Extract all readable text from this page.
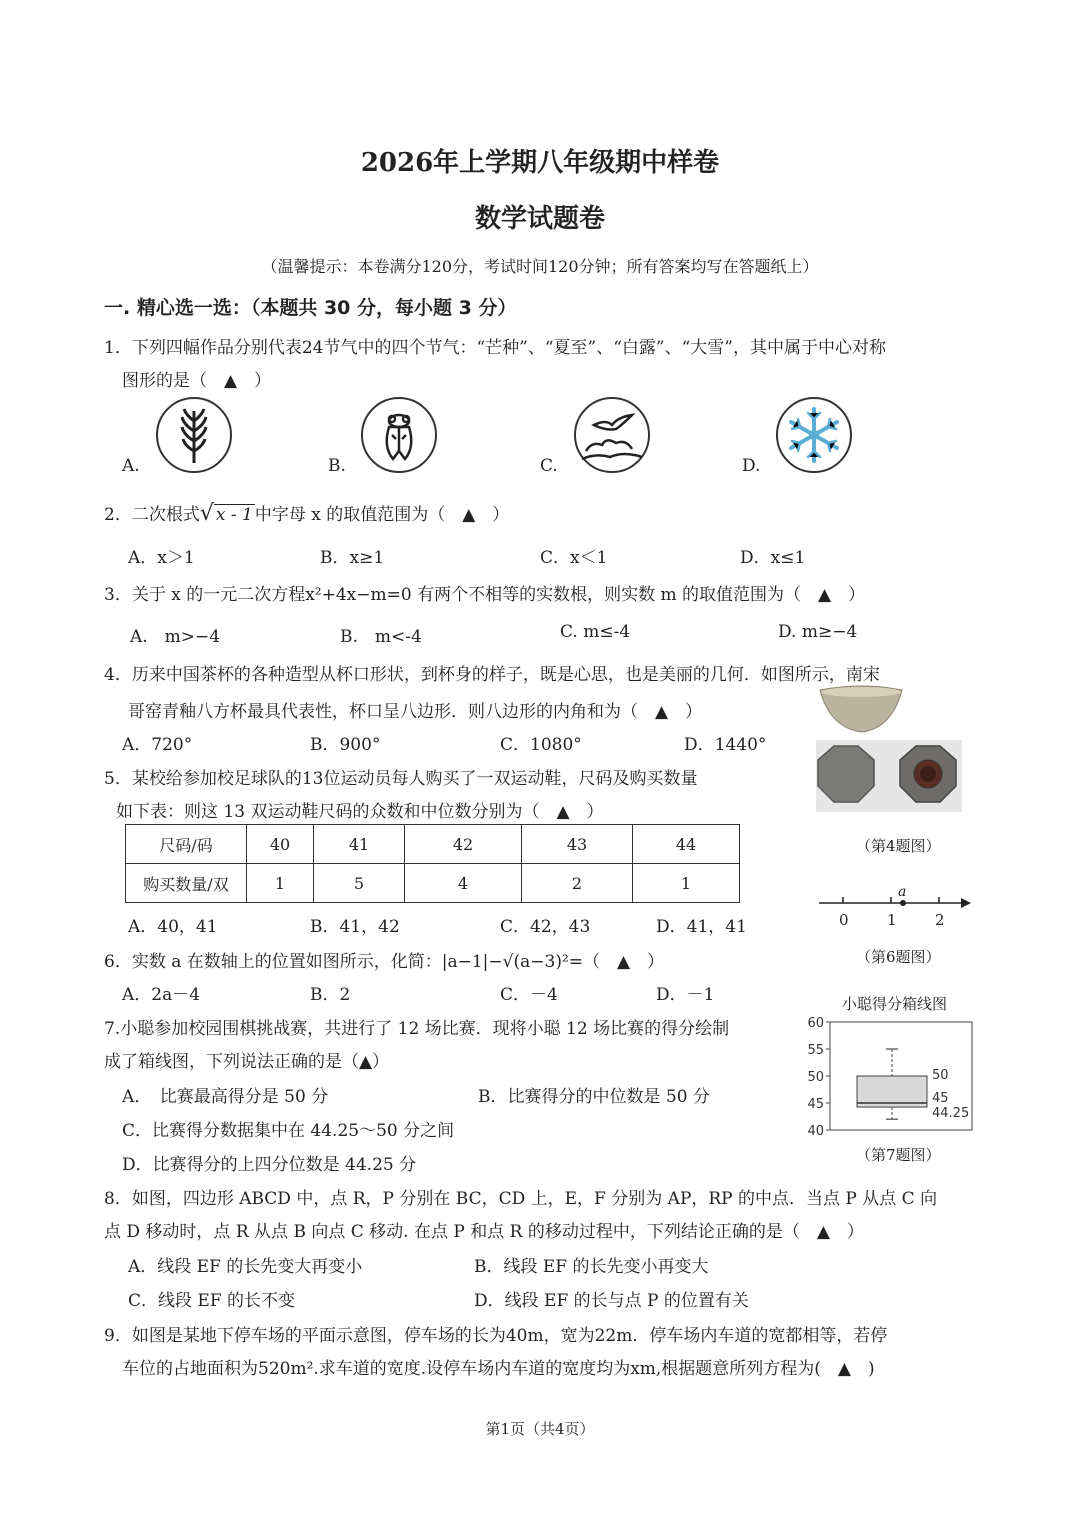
2026年上学期八年级期中样卷
数学试题卷
（温馨提示：本卷满分120分，考试时间120分钟；所有答案均写在答题纸上）
一. 精心选一选：（本题共 30 分，每小题 3 分）
1．下列四幅作品分别代表24节气中的四个节气：“芒种”、“夏至”、“白露”、“大雪”，其中属于中心对称
图形的是（　▲　）
A.	B.	C.	D.
2．二次根式√ x - 1 中字母 x 的取值范围为（　▲　）
A．x＞1	B．x≥1	C．x＜1	D．x≤1
3．关于 x 的一元二次方程x²+4x−m=0 有两个不相等的实数根，则实数 m 的取值范围为（　▲　）
A.　m>−4	B.　m<-4	C. m≤-4	D. m≥−4
4．历来中国茶杯的各种造型从杯口形状，到杯身的样子，既是心思，也是美丽的几何．如图所示，南宋
哥窑青釉八方杯最具代表性，杯口呈八边形．则八边形的内角和为（　▲　）
A．720°	B．900°	C．1080°	D．1440°
（第4题图）
5．某校给参加校足球队的13位运动员每人购买了一双运动鞋，尺码及购买数量
如下表：则这 13 双运动鞋尺码的众数和中位数分别为（　▲　）
尺码/码	40	41	42	43	44
购买数量/双	1	5	4	2	1
A．40，41	B．41，42	C．42，43	D．41，41	0	1	2
a
（第6题图）
6．实数 a 在数轴上的位置如图所示，化简：|a−1|−√(a−3)²=（　▲　）
A．2a－4	B．2	C．－4	D．－1
7.小聪参加校园围棋挑战赛，共进行了 12 场比赛．现将小聪 12 场比赛的得分绘制
成了箱线图，下列说法正确的是（▲）
A．　比赛最高得分是 50 分	B．比赛得分的中位数是 50 分
C．比赛得分数据集中在 44.25～50 分之间
D．比赛得分的上四分位数是 44.25 分
小聪得分箱线图
40
45
50
55
60
50
45
44.25
（第7题图）
8．如图，四边形 ABCD 中，点 R，P 分别在 BC，CD 上，E，F 分别为 AP，RP 的中点．当点 P 从点 C 向
点 D 移动时，点 R 从点 B 向点 C 移动. 在点 P 和点 R 的移动过程中，下列结论正确的是（　▲　）
A．线段 EF 的长先变大再变小	B．线段 EF 的长先变小再变大
C．线段 EF 的长不变	D．线段 EF 的长与点 P 的位置有关
9．如图是某地下停车场的平面示意图，停车场的长为40m，宽为22m．停车场内车道的宽都相等，若停
车位的占地面积为520m².求车道的宽度.设停车场内车道的宽度均为xm,根据题意所列方程为(　▲　)
第1页（共4页）
